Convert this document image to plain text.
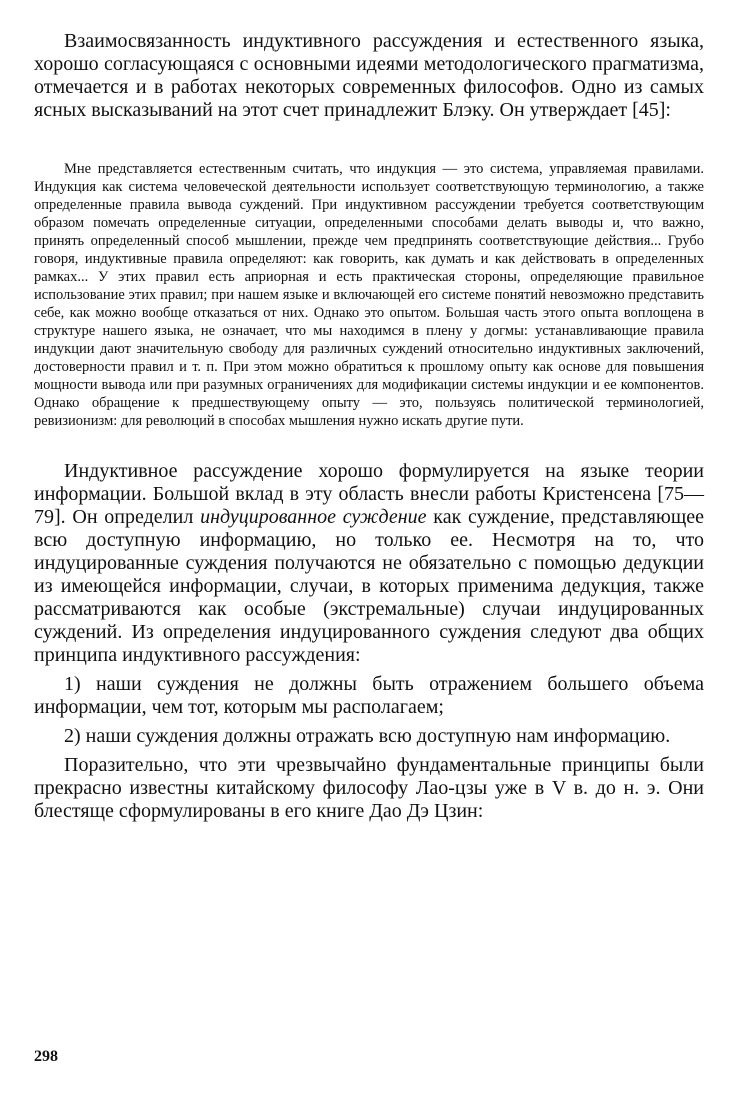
Взаимосвязанность индуктивного рассуждения и естественного языка, хорошо согласующаяся с основными идеями методологического прагматизма, отмечается и в работах некоторых современных философов. Одно из самых ясных высказываний на этот счет принадлежит Блэку. Он утверждает [45]:

Мне представляется естественным считать, что индукция — это система, управляемая правилами. Индукция как система человеческой деятельности использует соответствующую терминологию, а также определенные правила вывода суждений. При индуктивном рассуждении требуется соответствующим образом помечать определенные ситуации, определенными способами делать выводы и, что важно, принять определенный способ мышлении, прежде чем предпринять соответствующие действия... Грубо говоря, индуктивные правила определяют: как говорить, как думать и как действовать в определенных рамках... У этих правил есть априорная и есть практическая стороны, определяющие правильное использование этих правил; при нашем языке и включающей его системе понятий невозможно представить себе, как можно вообще отказаться от них. Однако это опытом. Большая часть этого опыта воплощена в структуре нашего языка, не означает, что мы находимся в плену у догмы: устанавливающие правила индукции дают значительную свободу для различных суждений относительно индуктивных заключений, достоверности правил и т. п. При этом можно обратиться к прошлому опыту как основе для повышения мощности вывода или при разумных ограничениях для модификации системы индукции и ее компонентов. Однако обращение к предшествующему опыту — это, пользуясь политической терминологией, ревизионизм: для революций в способах мышления нужно искать другие пути.

Индуктивное рассуждение хорошо формулируется на языке теории информации. Большой вклад в эту область внесли работы Кристенсена [75—79]. Он определил индуцированное суждение как суждение, представляющее всю доступную информацию, но только ее. Несмотря на то, что индуцированные суждения получаются не обязательно с помощью дедукции из имеющейся информации, случаи, в которых применима дедукция, также рассматриваются как особые (экстремальные) случаи индуцированных суждений. Из определения индуцированного суждения следуют два общих принципа индуктивного рассуждения:

1) наши суждения не должны быть отражением большего объема информации, чем тот, которым мы располагаем;

2) наши суждения должны отражать всю доступную нам информацию.

Поразительно, что эти чрезвычайно фундаментальные принципы были прекрасно известны китайскому философу Лао-цзы уже в V в. до н. э. Они блестяще сформулированы в его книге Дао Дэ Цзин:

298
